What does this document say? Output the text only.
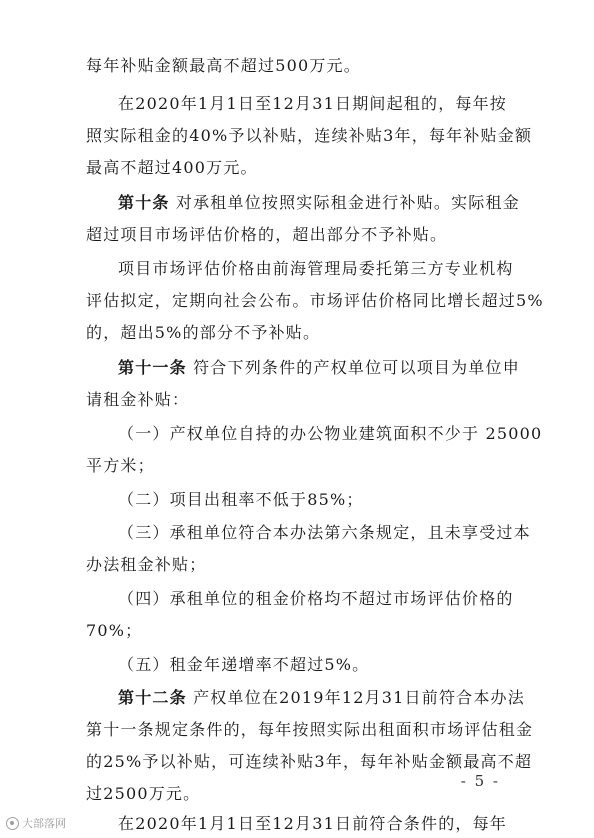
每年补贴金额最高不超过500万元。
在2020年1月1日至12月31日期间起租的，每年按
照实际租金的40%予以补贴，连续补贴3年，每年补贴金额
最高不超过400万元。
第十条 对承租单位按照实际租金进行补贴。实际租金
超过项目市场评估价格的，超出部分不予补贴。
项目市场评估价格由前海管理局委托第三方专业机构
评估拟定，定期向社会公布。市场评估价格同比增长超过5%
的，超出5%的部分不予补贴。
第十一条 符合下列条件的产权单位可以项目为单位申
请租金补贴：
（一）产权单位自持的办公物业建筑面积不少于 25000
平方米；
（二）项目出租率不低于85%；
（三）承租单位符合本办法第六条规定，且未享受过本
办法租金补贴；
（四）承租单位的租金价格均不超过市场评估价格的
70%；
（五）租金年递增率不超过5%。
第十二条 产权单位在2019年12月31日前符合本办法
第十一条规定条件的，每年按照实际出租面积市场评估租金
的25%予以补贴，可连续补贴3年，每年补贴金额最高不超
过2500万元。
在2020年1月1日至12月31日前符合条件的，每年
- 5 -
大部落网
